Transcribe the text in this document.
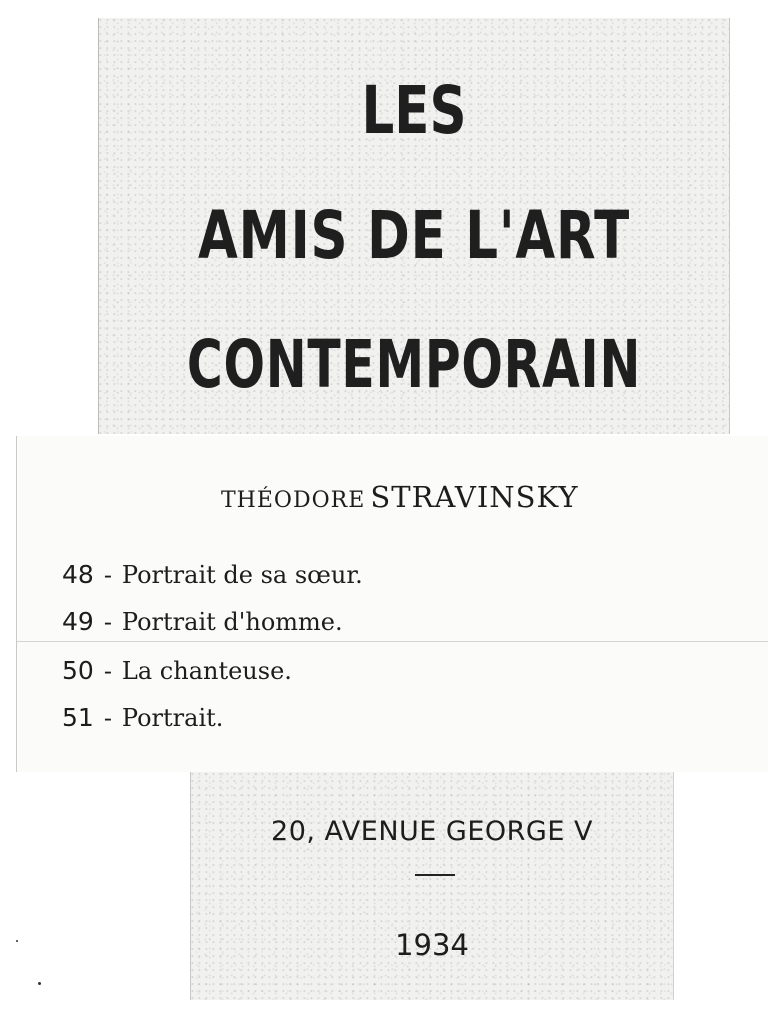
LES
AMIS DE L'ART
CONTEMPORAIN
THÉODORE STRAVINSKY
48 - Portrait de sa sœur.
49 - Portrait d'homme.
50 - La chanteuse.
51 - Portrait.
20, AVENUE GEORGE V
1934
